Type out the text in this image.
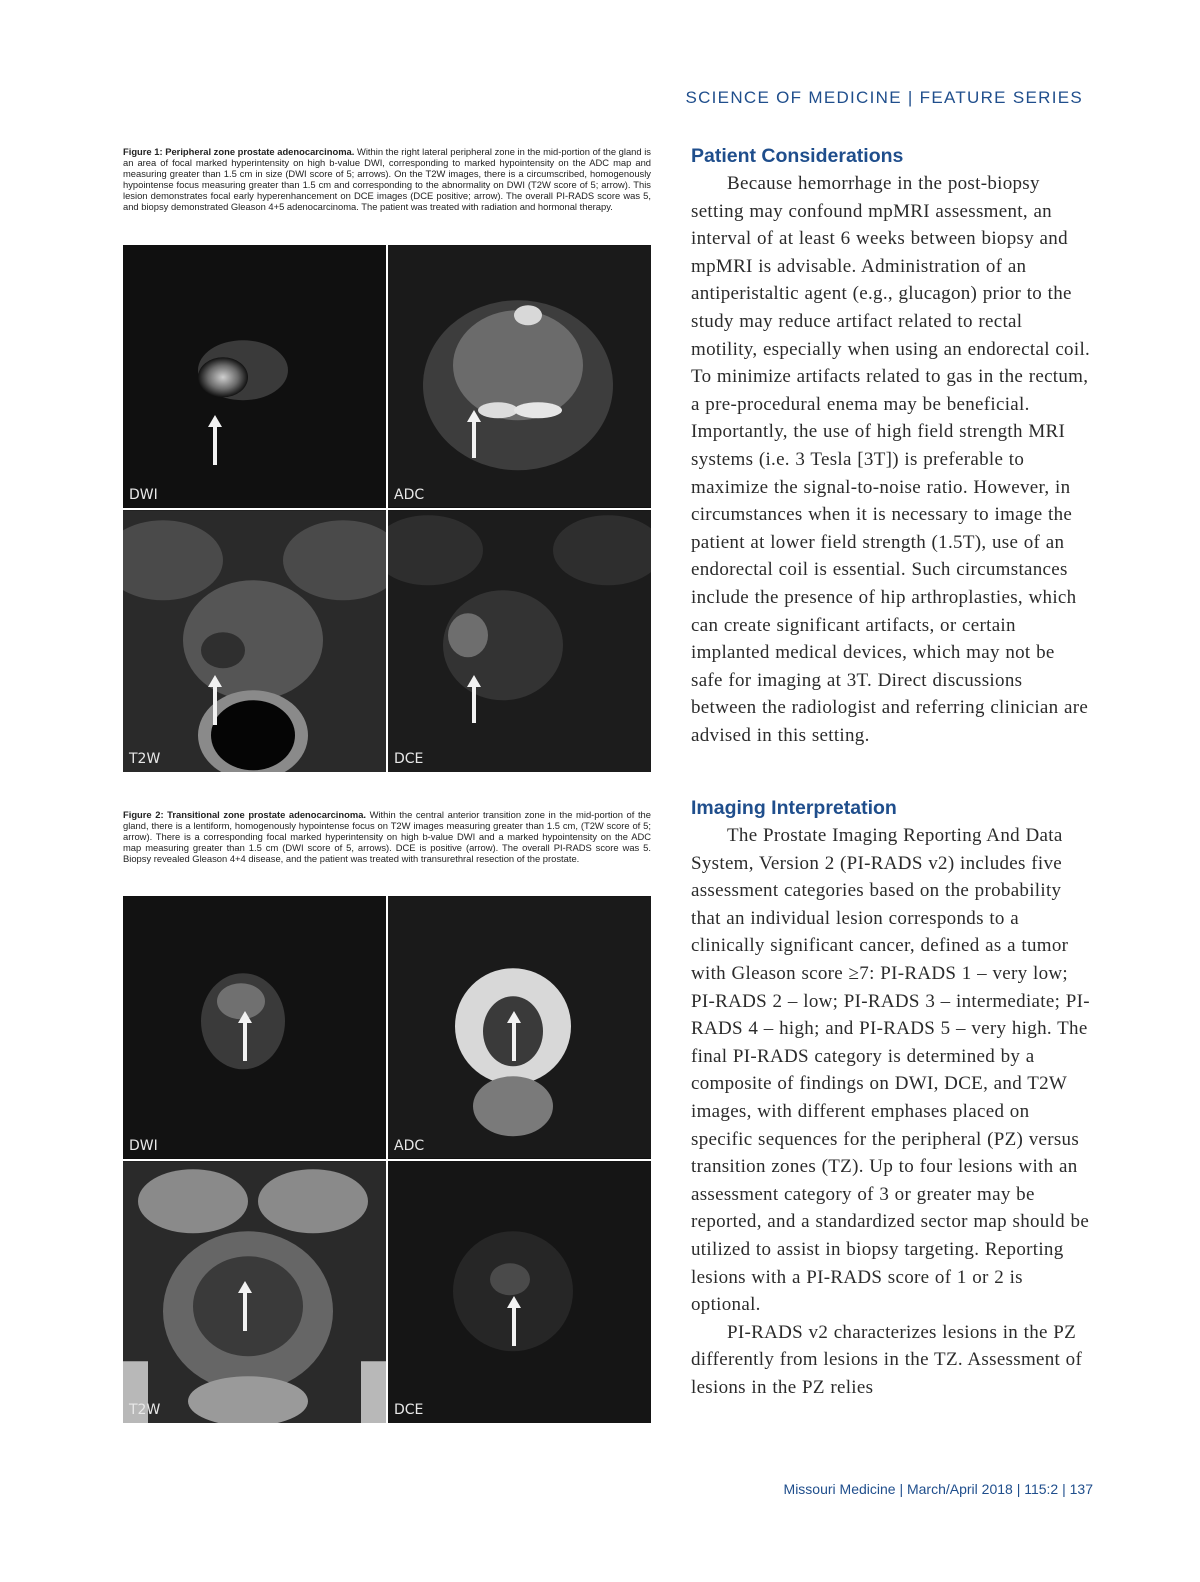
SCIENCE OF MEDICINE | FEATURE SERIES
Figure 1: Peripheral zone prostate adenocarcinoma. Within the right lateral peripheral zone in the mid-portion of the gland is an area of focal marked hyperintensity on high b-value DWI, corresponding to marked hypointensity on the ADC map and measuring greater than 1.5 cm in size (DWI score of 5; arrows). On the T2W images, there is a circumscribed, homogenously hypointense focus measuring greater than 1.5 cm and corresponding to the abnormality on DWI (T2W score of 5; arrow). This lesion demonstrates focal early hyperenhancement on DCE images (DCE positive; arrow). The overall PI-RADS score was 5, and biopsy demonstrated Gleason 4+5 adenocarcinoma. The patient was treated with radiation and hormonal therapy.
DWI	ADC
T2W	DCE
Figure 2: Transitional zone prostate adenocarcinoma. Within the central anterior transition zone in the mid-portion of the gland, there is a lentiform, homogenously hypointense focus on T2W images measuring greater than 1.5 cm, (T2W score of 5; arrow). There is a corresponding focal marked hyperintensity on high b-value DWI and a marked hypointensity on the ADC map measuring greater than 1.5 cm (DWI score of 5, arrows). DCE is positive (arrow). The overall PI-RADS score was 5. Biopsy revealed Gleason 4+4 disease, and the patient was treated with transurethral resection of the prostate.
DWI	ADC
T2W	DCE
Patient Considerations

Because hemorrhage in the post-biopsy setting may confound mpMRI assessment, an interval of at least 6 weeks between biopsy and mpMRI is advisable. Administration of an antiperistaltic agent (e.g., glucagon) prior to the study may reduce artifact related to rectal motility, especially when using an endorectal coil. To minimize artifacts related to gas in the rectum, a pre-procedural enema may be beneficial. Importantly, the use of high field strength MRI systems (i.e. 3 Tesla [3T]) is preferable to maximize the signal-to-noise ratio. However, in circumstances when it is necessary to image the patient at lower field strength (1.5T), use of an endorectal coil is essential. Such circumstances include the presence of hip arthroplasties, which can create significant artifacts, or certain implanted medical devices, which may not be safe for imaging at 3T. Direct discussions between the radiologist and referring clinician are advised in this setting.

Imaging Interpretation

The Prostate Imaging Reporting And Data System, Version 2 (PI-RADS v2) includes five assessment categories based on the probability that an individual lesion corresponds to a clinically significant cancer, defined as a tumor with Gleason score ≥7: PI-RADS 1 – very low; PI-RADS 2 – low; PI-RADS 3 – intermediate; PI-RADS 4 – high; and PI-RADS 5 – very high. The final PI-RADS category is determined by a composite of findings on DWI, DCE, and T2W images, with different emphases placed on specific sequences for the peripheral (PZ) versus transition zones (TZ). Up to four lesions with an assessment category of 3 or greater may be reported, and a standardized sector map should be utilized to assist in biopsy targeting. Reporting lesions with a PI-RADS score of 1 or 2 is optional.

PI-RADS v2 characterizes lesions in the PZ differently from lesions in the TZ. Assessment of lesions in the PZ relies

Missouri Medicine | March/April 2018 | 115:2 | 137
